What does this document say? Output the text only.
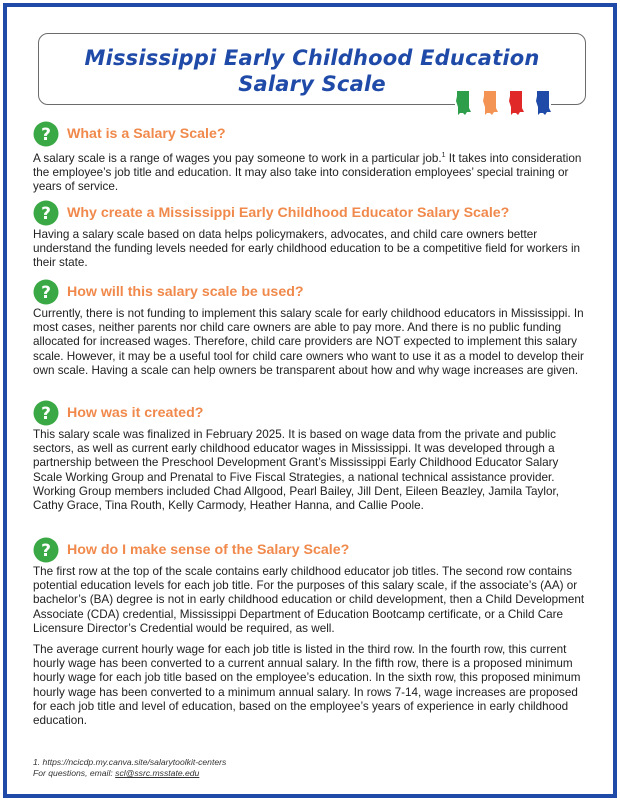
Mississippi Early Childhood Education
Salary Scale
? What is a Salary Scale?

A salary scale is a range of wages you pay someone to work in a particular job.$^1$ It takes into consideration the employee’s job title and education. It may also take into consideration employees’ special training or years of service.

? Why create a Mississippi Early Childhood Educator Salary Scale?

Having a salary scale based on data helps policymakers, advocates, and child care owners better understand the funding levels needed for early childhood education to be a competitive field for workers in their state.

? How will this salary scale be used?

Currently, there is not funding to implement this salary scale for early childhood educators in Mississippi. In most cases, neither parents nor child care owners are able to pay more. And there is no public funding allocated for increased wages. Therefore, child care providers are NOT expected to implement this salary scale. However, it may be a useful tool for child care owners who want to use it as a model to develop their own scale. Having a scale can help owners be transparent about how and why wage increases are given.

? How was it created?

This salary scale was finalized in February 2025. It is based on wage data from the private and public sectors, as well as current early childhood educator wages in Mississippi. It was developed through a partnership between the Preschool Development Grant’s Mississippi Early Childhood Educator Salary Scale Working Group and Prenatal to Five Fiscal Strategies, a national technical assistance provider. Working Group members included Chad Allgood, Pearl Bailey, Jill Dent, Eileen Beazley, Jamila Taylor, Cathy Grace, Tina Routh, Kelly Carmody, Heather Hanna, and Callie Poole.

? How do I make sense of the Salary Scale?

The first row at the top of the scale contains early childhood educator job titles. The second row contains potential education levels for each job title. For the purposes of this salary scale, if the associate’s (AA) or bachelor’s (BA) degree is not in early childhood education or child development, then a Child Development Associate (CDA) credential, Mississippi Department of Education Bootcamp certificate, or a Child Care Licensure Director’s Credential would be required, as well.

The average current hourly wage for each job title is listed in the third row. In the fourth row, this current hourly wage has been converted to a current annual salary. In the fifth row, there is a proposed minimum hourly wage for each job title based on the employee’s education. In the sixth row, this proposed minimum hourly wage has been converted to a minimum annual salary. In rows 7-14, wage increases are proposed for each job title and level of education, based on the employee’s years of experience in early childhood education.

1. https://ncicdp.my.canva.site/salarytoolkit-centers
For questions, email: scl@ssrc.msstate.edu
